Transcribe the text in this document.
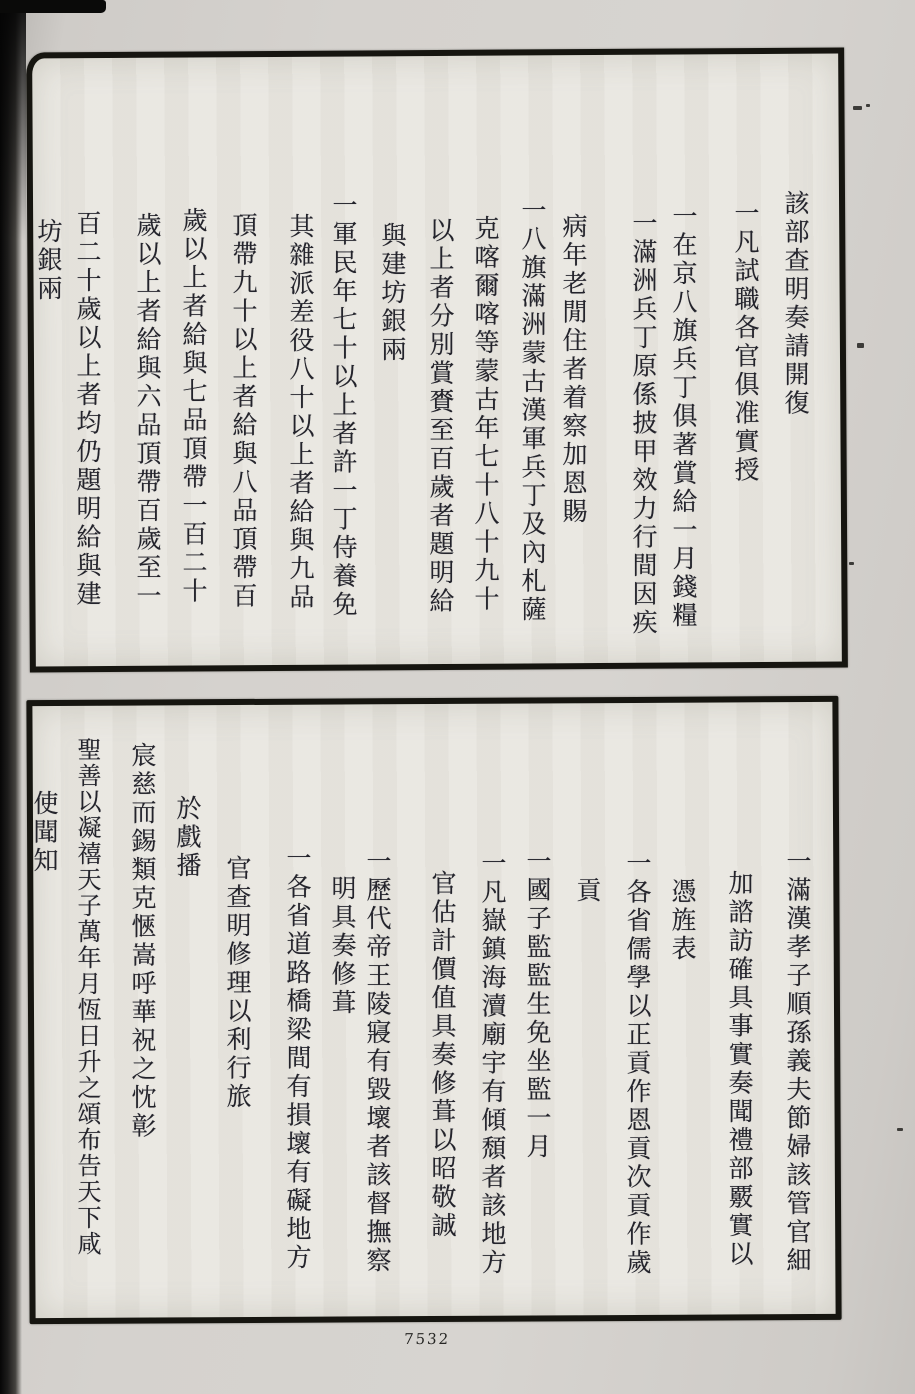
該部查明奏請開復
一凡試職各官俱准實授
一在京八旗兵丁俱著賞給一月錢糧
一滿洲兵丁原係披甲效力行間因疾
病年老閒住者着察加恩賜
一八旗滿洲蒙古漢軍兵丁及內札薩
克喀爾喀等蒙古年七十八十九十
以上者分別賞賚至百歲者題明給
與建坊銀兩
一軍民年七十以上者許一丁侍養免
其雜派差役八十以上者給與九品
頂帶九十以上者給與八品頂帶百
歲以上者給與七品頂帶一百二十
歲以上者給與六品頂帶百歲至一
百二十歲以上者均仍題明給與建
坊銀兩
一滿漢孝子順孫義夫節婦該管官細
加諮訪確具事實奏聞禮部覈實以
憑旌表
一各省儒學以正貢作恩貢次貢作歲
貢
一國子監監生免坐監一月
一凡嶽鎮海瀆廟宇有傾頹者該地方
官估計價值具奏修葺以昭敬誠
一歷代帝王陵寢有毀壞者該督撫察
明具奏修葺
一各省道路橋梁間有損壞有礙地方
官查明修理以利行旅
於戲播
宸慈而錫類克愜嵩呼華祝之忱彰
聖善以凝禧天子萬年月恆日升之頌布告天下咸
使聞知
7532
